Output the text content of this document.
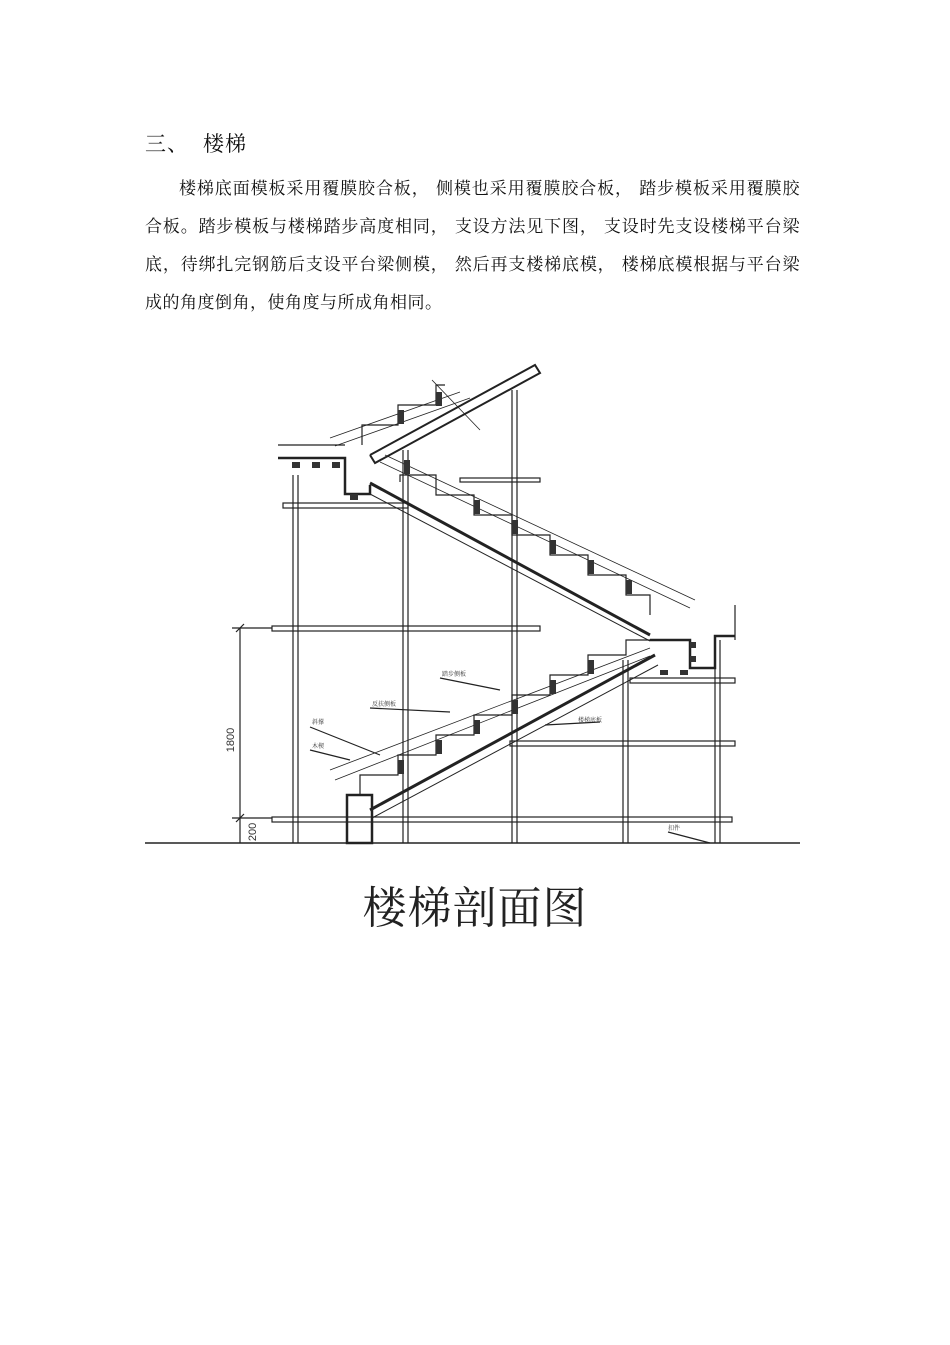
三、 楼梯

楼梯底面模板采用覆膜胶合板， 侧模也采用覆膜胶合板， 踏步模板采用覆膜胶合板。踏步模板与楼梯踏步高度相同， 支设方法见下图， 支设时先支设楼梯平台梁底，待绑扎完钢筋后支设平台梁侧模， 然后再支楼梯底模， 楼梯底模根据与平台梁成的角度倒角，使角度与所成角相同。

1800
200
踏步侧板
反扶侧板
斜撑
木楔
楼梯底板
扣件
楼梯剖面图
